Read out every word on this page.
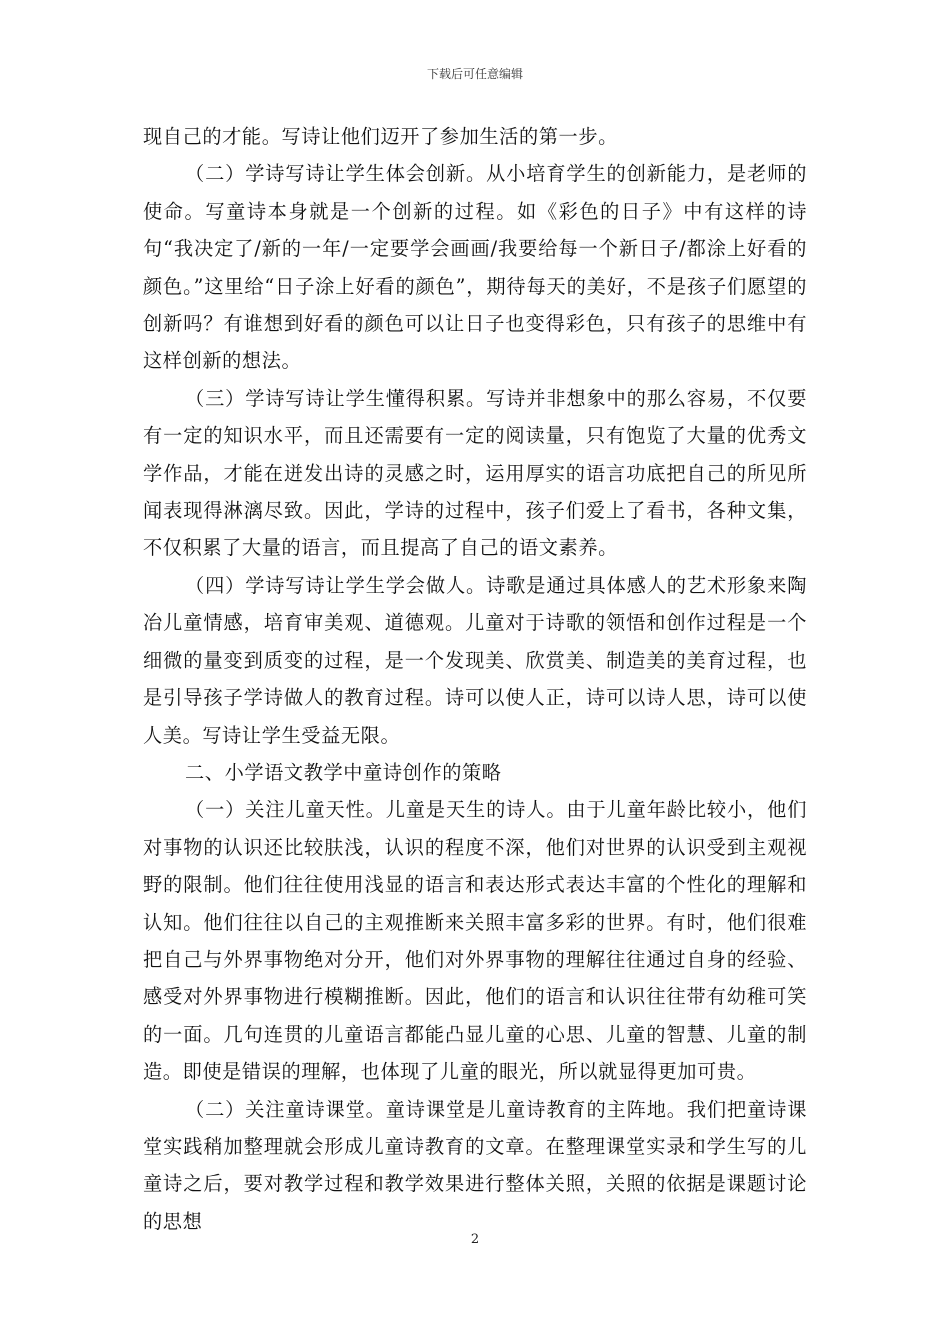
下载后可任意编辑

现自己的才能。写诗让他们迈开了参加生活的第一步。

（二）学诗写诗让学生体会创新。从小培育学生的创新能力，是老师的使命。写童诗本身就是一个创新的过程。如《彩色的日子》中有这样的诗句“我决定了/新的一年/一定要学会画画/我要给每一个新日子/都涂上好看的颜色。”这里给“日子涂上好看的颜色”，期待每天的美好，不是孩子们愿望的创新吗？有谁想到好看的颜色可以让日子也变得彩色，只有孩子的思维中有这样创新的想法。

（三）学诗写诗让学生懂得积累。写诗并非想象中的那么容易，不仅要有一定的知识水平，而且还需要有一定的阅读量，只有饱览了大量的优秀文学作品，才能在迸发出诗的灵感之时，运用厚实的语言功底把自己的所见所闻表现得淋漓尽致。因此，学诗的过程中，孩子们爱上了看书，各种文集，不仅积累了大量的语言，而且提高了自己的语文素养。

（四）学诗写诗让学生学会做人。诗歌是通过具体感人的艺术形象来陶冶儿童情感，培育审美观、道德观。儿童对于诗歌的领悟和创作过程是一个细微的量变到质变的过程，是一个发现美、欣赏美、制造美的美育过程，也是引导孩子学诗做人的教育过程。诗可以使人正，诗可以诗人思，诗可以使人美。写诗让学生受益无限。

二、小学语文教学中童诗创作的策略

（一）关注儿童天性。儿童是天生的诗人。由于儿童年龄比较小，他们对事物的认识还比较肤浅，认识的程度不深，他们对世界的认识受到主观视野的限制。他们往往使用浅显的语言和表达形式表达丰富的个性化的理解和认知。他们往往以自己的主观推断来关照丰富多彩的世界。有时，他们很难把自己与外界事物绝对分开，他们对外界事物的理解往往通过自身的经验、感受对外界事物进行模糊推断。因此，他们的语言和认识往往带有幼稚可笑的一面。几句连贯的儿童语言都能凸显儿童的心思、儿童的智慧、儿童的制造。即使是错误的理解，也体现了儿童的眼光，所以就显得更加可贵。

（二）关注童诗课堂。童诗课堂是儿童诗教育的主阵地。我们把童诗课堂实践稍加整理就会形成儿童诗教育的文章。在整理课堂实录和学生写的儿童诗之后，要对教学过程和教学效果进行整体关照，关照的依据是课题讨论的思想

2
